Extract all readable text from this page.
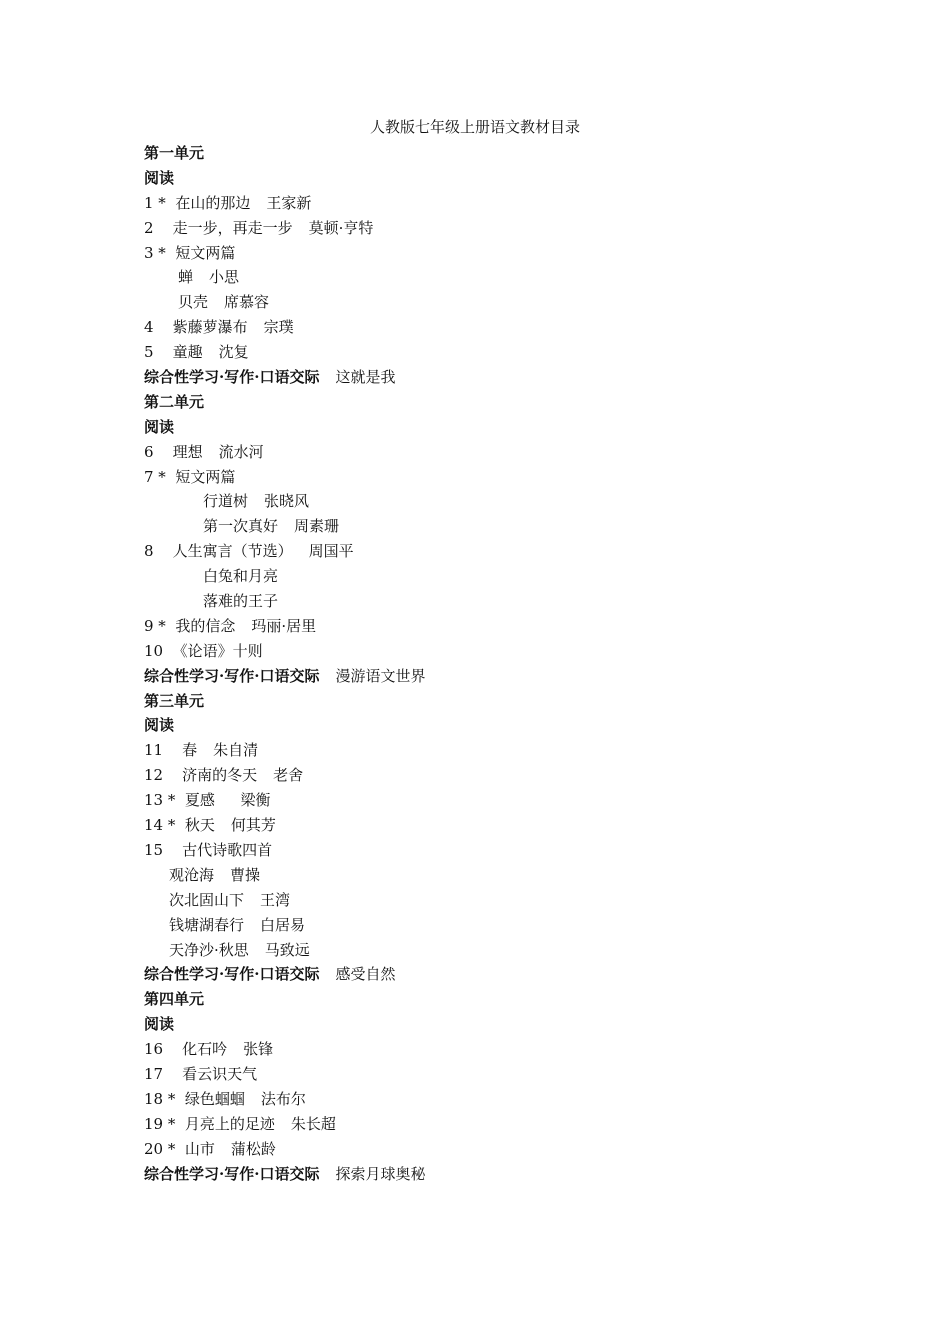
人教版七年级上册语文教材目录
第一单元
阅读
1 *  在山的那边 王家新
2    走一步，再走一步 莫顿·亨特
3 *  短文两篇
蝉 小思
贝壳 席慕容
4    紫藤萝瀑布 宗璞
5    童趣 沈复
综合性学习·写作·口语交际 这就是我
第二单元
阅读
6    理想 流水河
7 *  短文两篇
行道树 张晓风
第一次真好 周素珊
8    人生寓言（节选） 周国平
白兔和月亮
落难的王子
9 *  我的信念 玛丽·居里
10  《论语》十则
综合性学习·写作·口语交际 漫游语文世界
第三单元
阅读
11    春 朱自清
12    济南的冬天 老舍
13 *  夏感  梁衡
14 *  秋天 何其芳
15    古代诗歌四首
观沧海 曹操
次北固山下 王湾
钱塘湖春行 白居易
天净沙·秋思 马致远
综合性学习·写作·口语交际 感受自然
第四单元
阅读
16    化石吟 张锋
17    看云识天气
18 *  绿色蝈蝈 法布尔
19 *  月亮上的足迹 朱长超
20 *  山市 蒲松龄
综合性学习·写作·口语交际 探索月球奥秘
